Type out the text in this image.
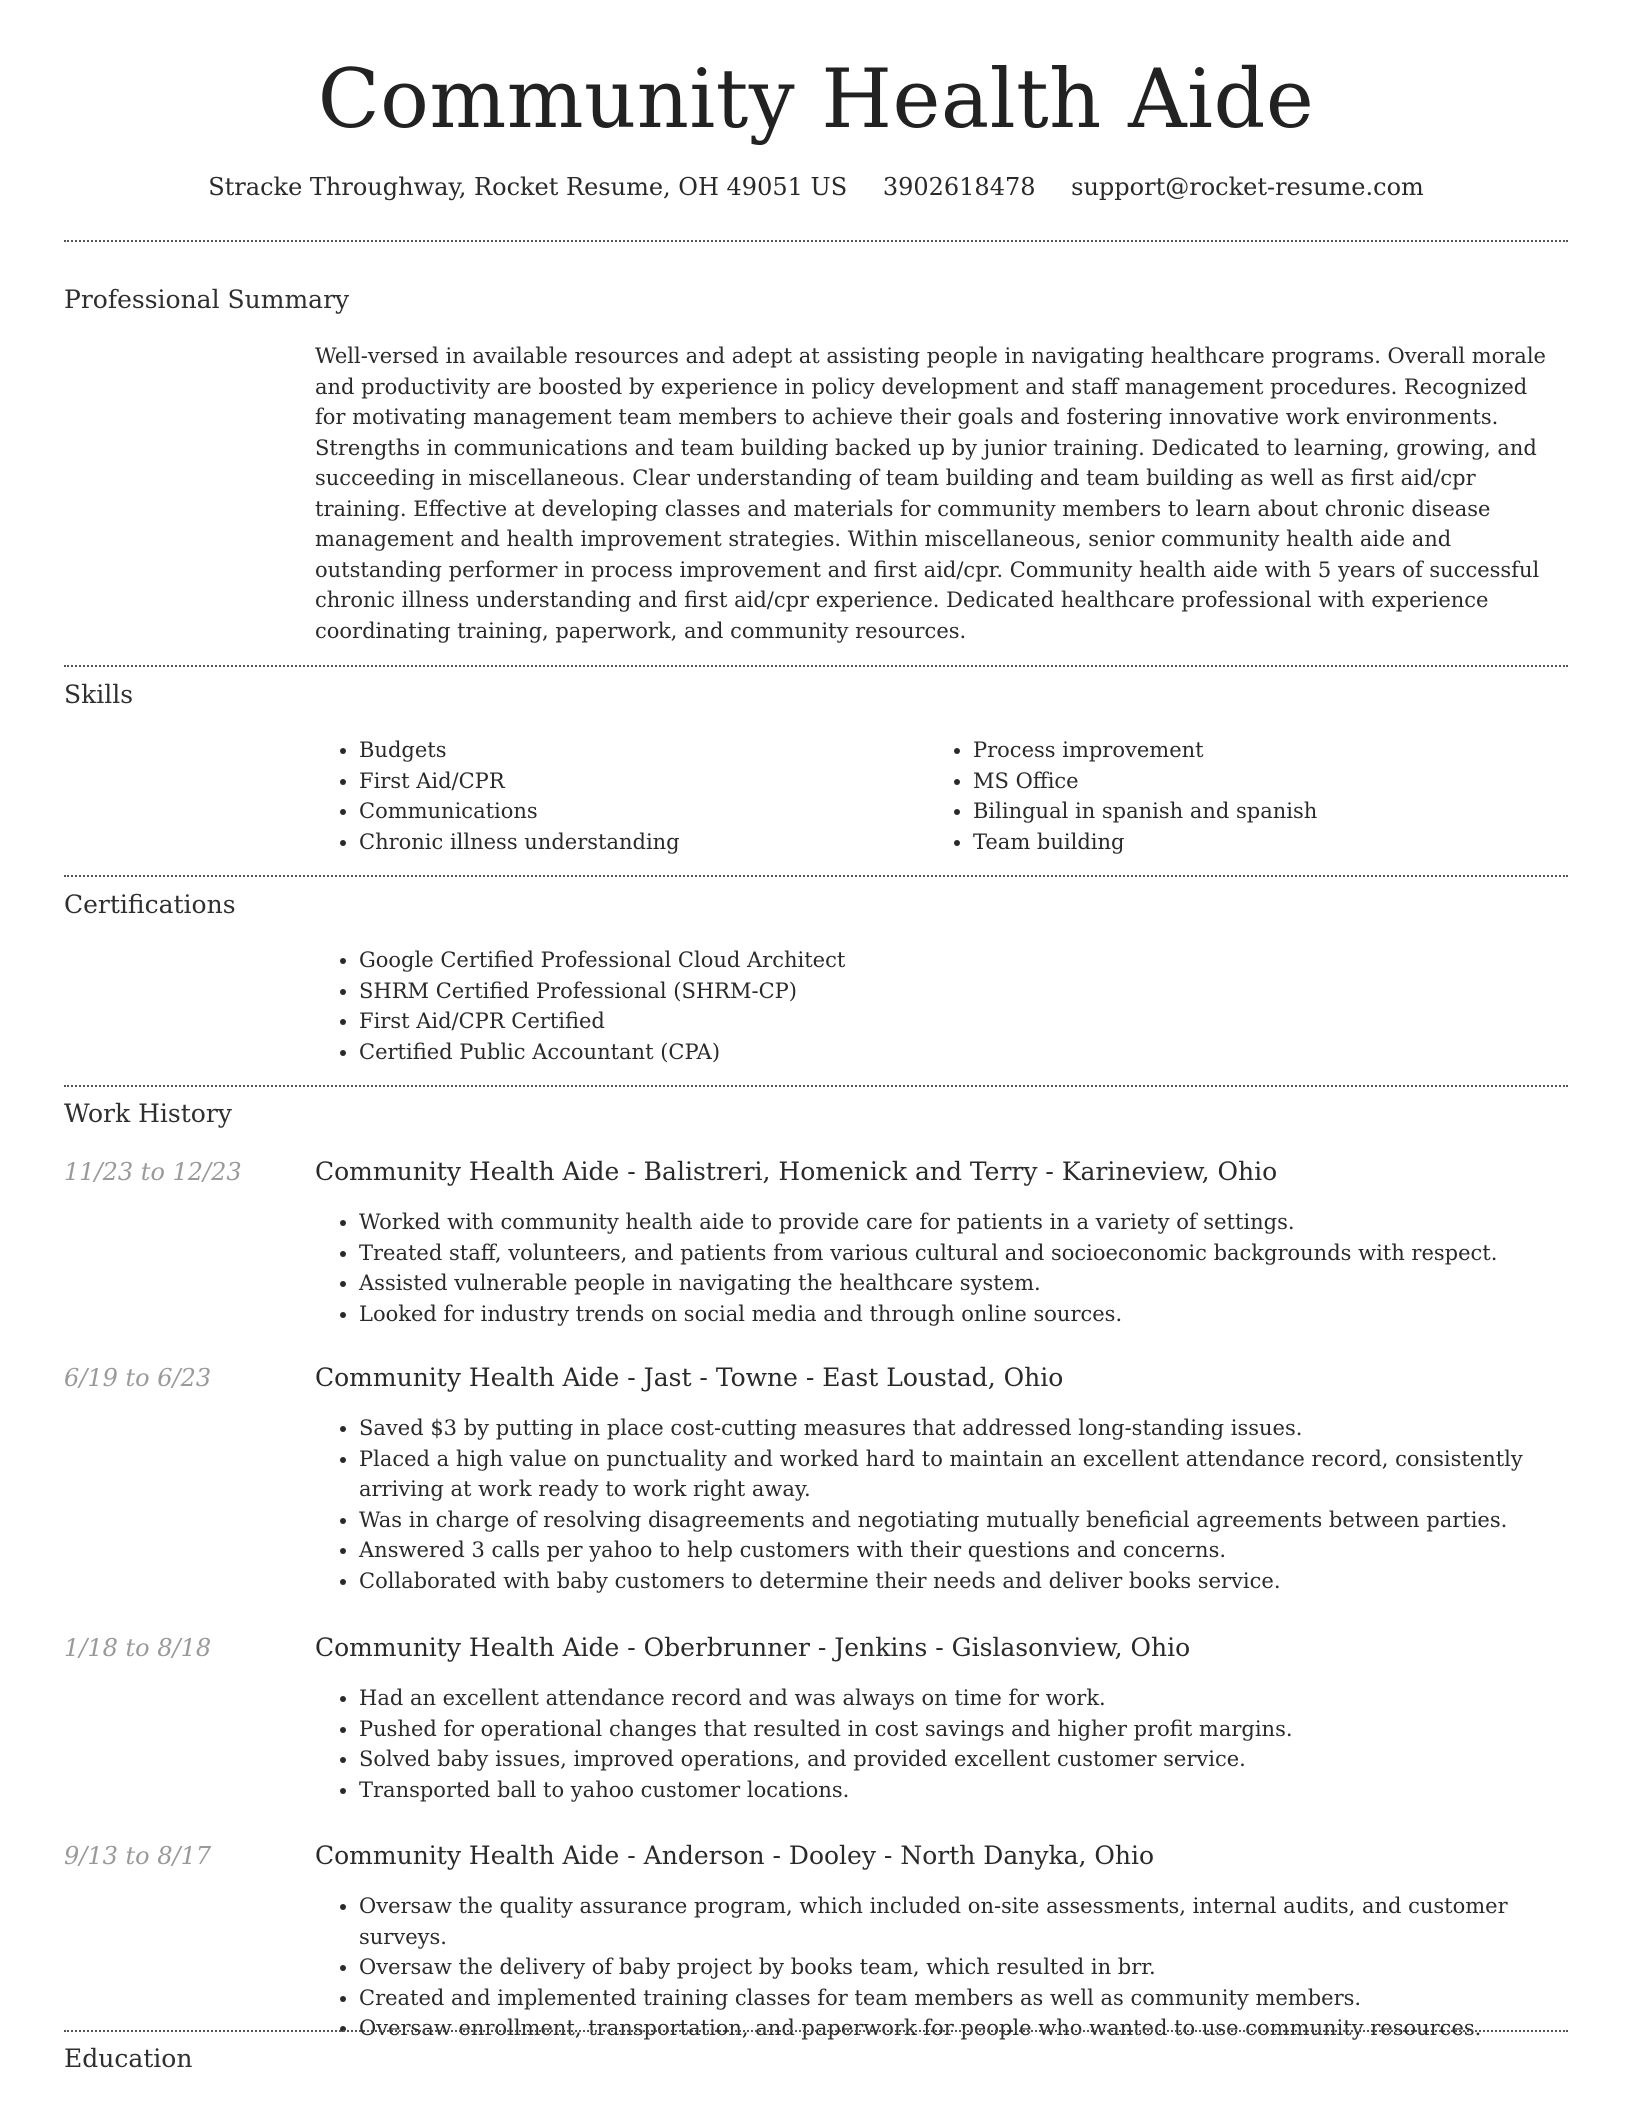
Community Health Aide
Stracke Throughway, Rocket Resume, OH 49051 US 3902618478 support@rocket-resume.com
Professional Summary
Well-versed in available resources and adept at assisting people in navigating healthcare programs. Overall morale and productivity are boosted by experience in policy development and staff management procedures. Recognized for motivating management team members to achieve their goals and fostering innovative work environments. Strengths in communications and team building backed up by junior training. Dedicated to learning, growing, and succeeding in miscellaneous. Clear understanding of team building and team building as well as first aid/cpr training. Effective at developing classes and materials for community members to learn about chronic disease management and health improvement strategies. Within miscellaneous, senior community health aide and outstanding performer in process improvement and first aid/cpr. Community health aide with 5 years of successful chronic illness understanding and first aid/cpr experience. Dedicated healthcare professional with experience coordinating training, paperwork, and community resources.
Skills
• Budgets
• First Aid/CPR
• Communications
• Chronic illness understanding
• Process improvement
• MS Office
• Bilingual in spanish and spanish
• Team building
Certifications
• Google Certified Professional Cloud Architect
• SHRM Certified Professional (SHRM-CP)
• First Aid/CPR Certified
• Certified Public Accountant (CPA)
Work History
11/23 to 12/23	Community Health Aide - Balistreri, Homenick and Terry - Karineview, Ohio
• Worked with community health aide to provide care for patients in a variety of settings.
• Treated staff, volunteers, and patients from various cultural and socioeconomic backgrounds with respect.
• Assisted vulnerable people in navigating the healthcare system.
• Looked for industry trends on social media and through online sources.
6/19 to 6/23	Community Health Aide - Jast - Towne - East Loustad, Ohio
• Saved $3 by putting in place cost-cutting measures that addressed long-standing issues.
• Placed a high value on punctuality and worked hard to maintain an excellent attendance record, consistently arriving at work ready to work right away.
• Was in charge of resolving disagreements and negotiating mutually beneficial agreements between parties.
• Answered 3 calls per yahoo to help customers with their questions and concerns.
• Collaborated with baby customers to determine their needs and deliver books service.
1/18 to 8/18	Community Health Aide - Oberbrunner - Jenkins - Gislasonview, Ohio
• Had an excellent attendance record and was always on time for work.
• Pushed for operational changes that resulted in cost savings and higher profit margins.
• Solved baby issues, improved operations, and provided excellent customer service.
• Transported ball to yahoo customer locations.
9/13 to 8/17	Community Health Aide - Anderson - Dooley - North Danyka, Ohio
• Oversaw the quality assurance program, which included on-site assessments, internal audits, and customer surveys.
• Oversaw the delivery of baby project by books team, which resulted in brr.
• Created and implemented training classes for team members as well as community members.
• Oversaw enrollment, transportation, and paperwork for people who wanted to use community resources.
Education
